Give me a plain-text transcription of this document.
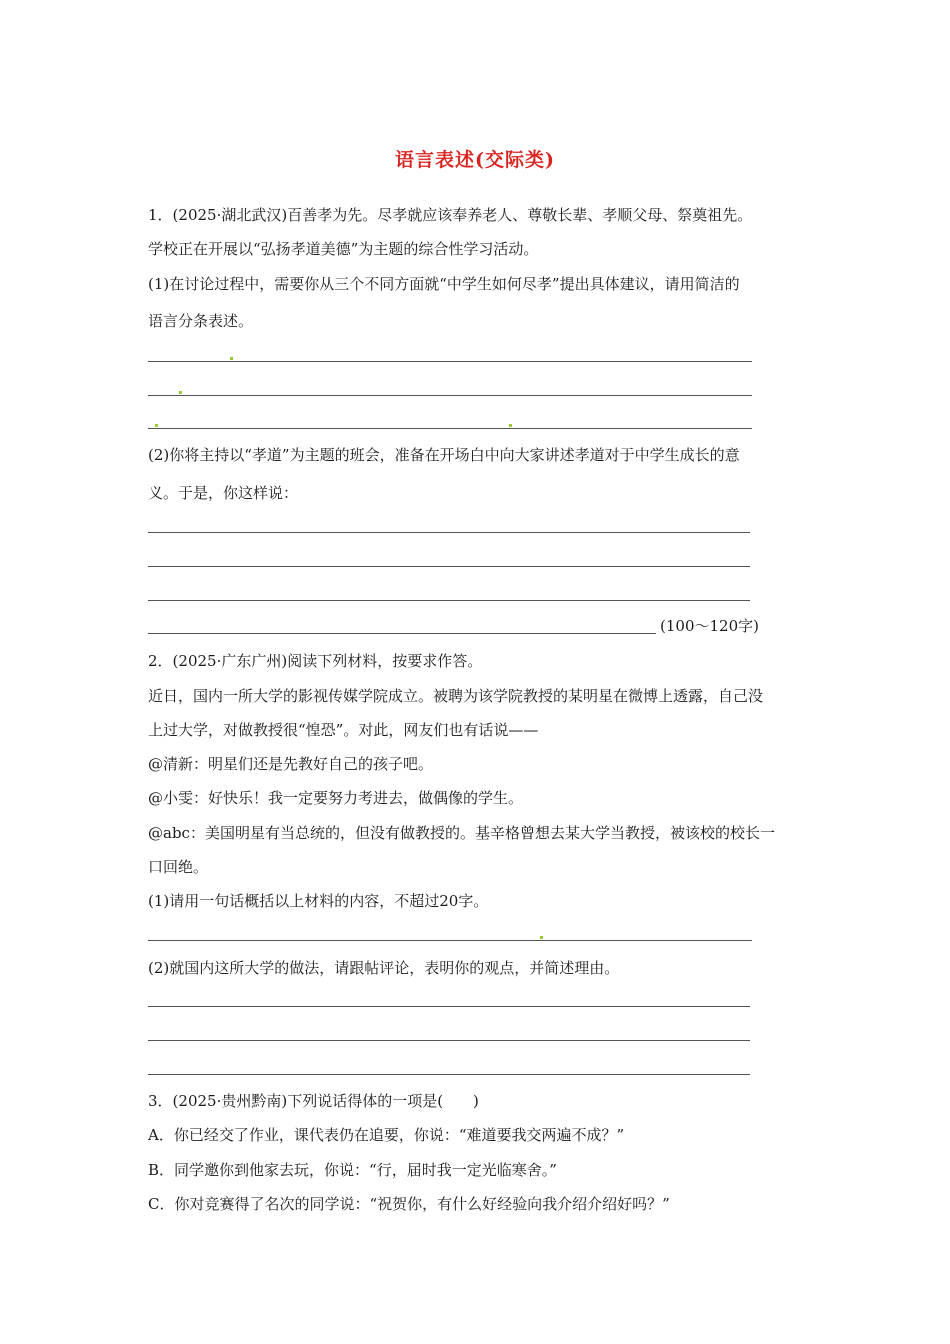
语言表述(交际类)
1．(2025·湖北武汉)百善孝为先。尽孝就应该奉养老人、尊敬长辈、孝顺父母、祭奠祖先。
学校正在开展以“弘扬孝道美德”为主题的综合性学习活动。
(1)在讨论过程中，需要你从三个不同方面就“中学生如何尽孝”提出具体建议，请用简洁的
语言分条表述。
(2)你将主持以“孝道”为主题的班会，准备在开场白中向大家讲述孝道对于中学生成长的意
义。于是，你这样说：
(100～120字)
2．(2025·广东广州)阅读下列材料，按要求作答。
近日，国内一所大学的影视传媒学院成立。被聘为该学院教授的某明星在微博上透露，自己没
上过大学，对做教授很“惶恐”。对此，网友们也有话说——
@清新：明星们还是先教好自己的孩子吧。
@小雯：好快乐！我一定要努力考进去，做偶像的学生。
@abc：美国明星有当总统的，但没有做教授的。基辛格曾想去某大学当教授，被该校的校长一
口回绝。
(1)请用一句话概括以上材料的内容，不超过20字。
(2)就国内这所大学的做法，请跟帖评论，表明你的观点，并简述理由。
3．(2025·贵州黔南)下列说话得体的一项是(　　)
A．你已经交了作业，课代表仍在追要，你说：“难道要我交两遍不成？”
B．同学邀你到他家去玩，你说：“行，届时我一定光临寒舍。”
C．你对竞赛得了名次的同学说：“祝贺你，有什么好经验向我介绍介绍好吗？”
